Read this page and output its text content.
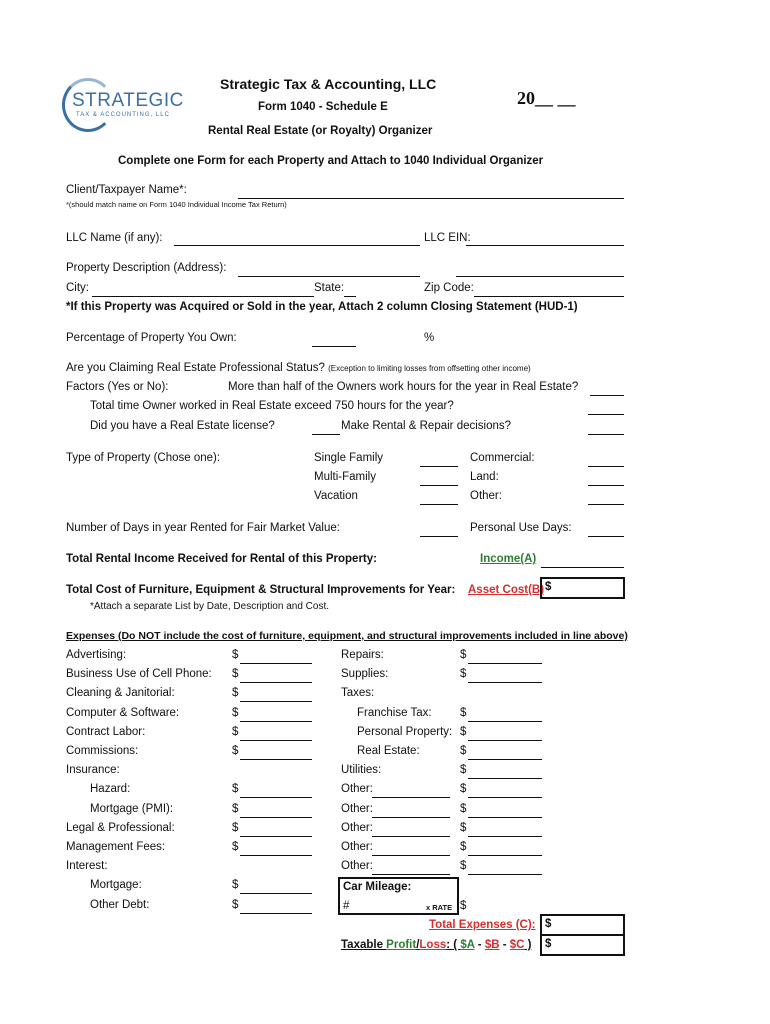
STRATEGIC
TAX & ACCOUNTING, LLC
Strategic Tax & Accounting, LLC
Form 1040 - Schedule E
Rental Real Estate (or Royalty) Organizer
20__ __
Complete one Form for each Property and Attach to 1040 Individual Organizer
Client/Taxpayer Name*:
*(should match name on Form 1040 Individual Income Tax Return)
LLC Name (if any):	LLC EIN:
Property Description (Address):
City:	State:	Zip Code:
*If this Property was Acquired or Sold in the year, Attach 2 column Closing Statement (HUD-1)
Percentage of Property You Own:	%
Are you Claiming Real Estate Professional Status? (Exception to limiting losses from offsetting other income)
Factors (Yes or No):	More than half of the Owners work hours for the year in Real Estate?
Total time Owner worked in Real Estate exceed 750 hours for the year?
Did you have a Real Estate license?	Make Rental & Repair decisions?
Type of Property (Chose one):	Single Family	Commercial:
Multi-Family	Land:
Vacation	Other:
Number of Days in year Rented for Fair Market Value:	Personal Use Days:
Total Rental Income Received for Rental of this Property:	Income(A)
Total Cost of Furniture, Equipment & Structural Improvements for Year: Asset Cost(B) $
*Attach a separate List by Date, Description and Cost.
Expenses (Do NOT include the cost of furniture, equipment, and structural improvements included in line above)
Advertising:	$
Business Use of Cell Phone: $
Cleaning & Janitorial:	$
Computer & Software:	$
Contract Labor:	$
Commissions:	$
Insurance:
Hazard:	$
Mortgage (PMI):	$
Legal & Professional:	$
Management Fees:	$
Interest:
Mortgage:	$
Other Debt:	$
Repairs:	$
Supplies:	$
Taxes:
Franchise Tax: $
Personal Property: $
Real Estate:	$
Utilities:	$
Other:	$
Other:	$
Other:	$
Other:	$
Other:	$
Car Mileage:
#	x RATE $
Total Expenses (C): $
Taxable Profit/Loss: ( $A - $B - $C ) $
